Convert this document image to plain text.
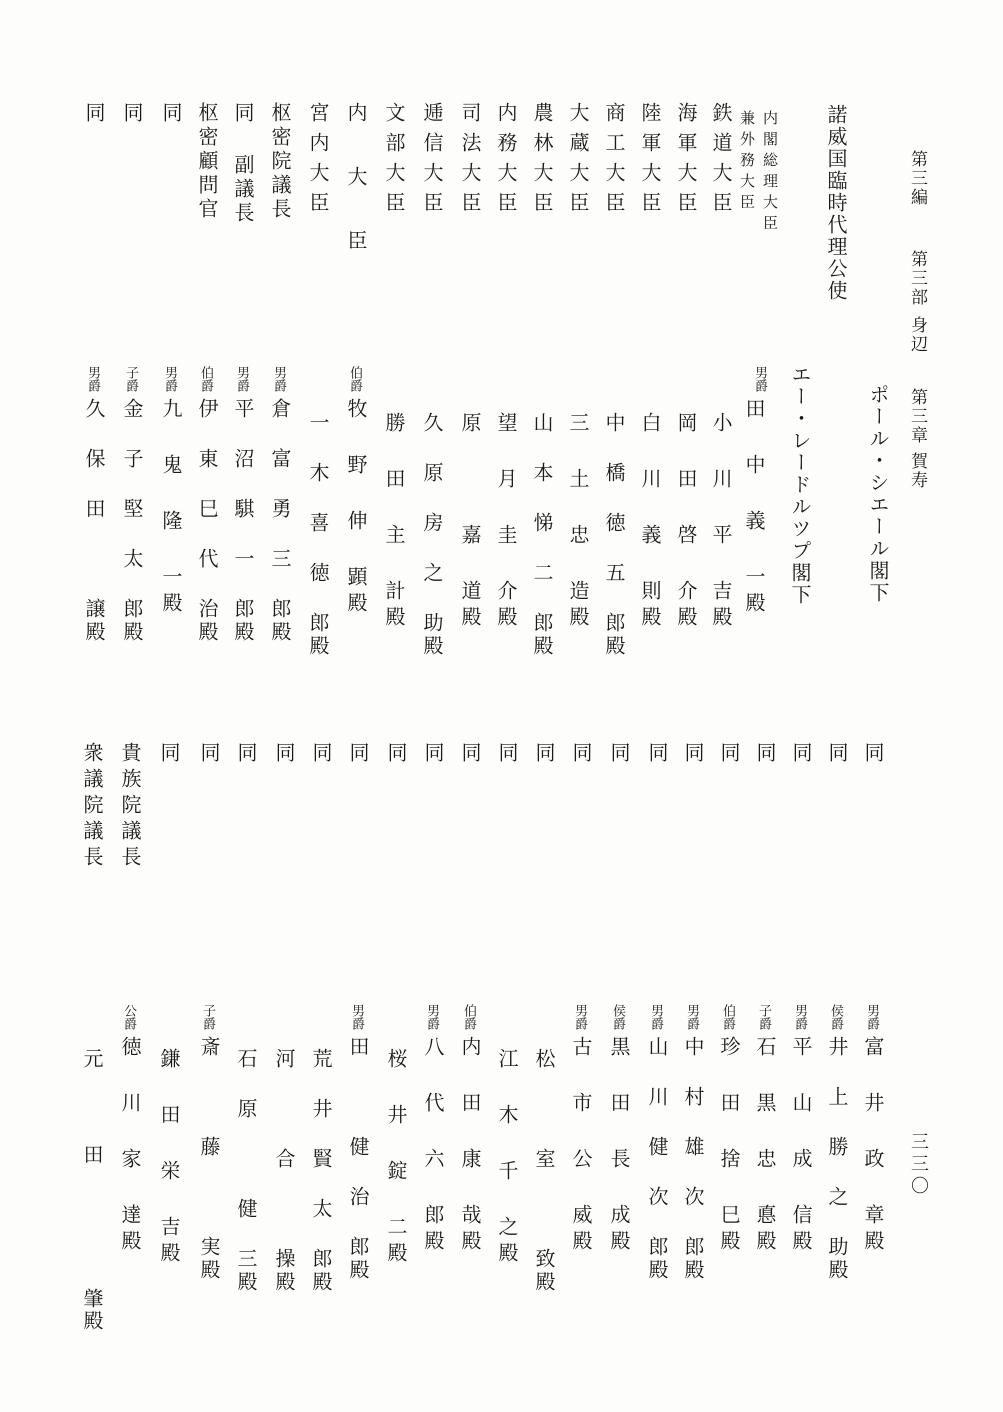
第三編
第三部
身辺
第三章
賀寿
諾威国臨時代理公使
ポール・シエール閣下
エー・レードルツプ閣下
内閣総理大臣
兼外務大臣
鉄道大臣
海軍大臣
陸軍大臣
商工大臣
大蔵大臣
農林大臣
内務大臣
司法大臣
逓信大臣
文部大臣
内 大 臣
宮内大臣
枢密院議長
同 副議長
枢密顧問官
同
同
同
男爵
伯爵
男爵
男爵
伯爵
男爵
子爵
男爵
田 中 義 一殿
小 川 平 吉殿
岡 田 啓 介殿
白 川 義 則殿
中 橋 徳 五 郎殿
三 土 忠 造殿
山 本 悌 二 郎殿
望 月 圭 介殿
原 　 嘉 道殿
久 原 房 之 助殿
勝 田 主 計殿
牧 野 伸 顕殿
一 木 喜 徳 郎殿
倉 富 勇 三 郎殿
平 沼 騏 一 郎殿
伊 東 巳 代 治殿
九 鬼 隆 一殿
金 子 堅 太 郎殿
久 保 田 　 譲殿
同
同
同
同
同
同
同
同
同
同
同
同
同
同
同
同
同
同
同
同
貴族院議長
衆議院議長
男爵
侯爵
男爵
子爵
伯爵
男爵
男爵
侯爵
男爵
伯爵
男爵
男爵
子爵
公爵
富 井 政 章殿
井 上 勝 之 助殿
平 山 成 信殿
石 黒 忠 悳殿
珍 田 捨 巳殿
中 村 雄 次 郎殿
山 川 健 次 郎殿
黒 田 長 成殿
古 市 公 威殿
松 　 室 　 致殿
江 木 千 之殿
内 田 康 哉殿
八 代 六 郎殿
桜 井 錠 二殿
田 　 健 治 郎殿
荒 井 賢 太 郎殿
河 　 合 　 操殿
石 原 　 健 三殿
斎 　 藤 　 実殿
鎌 田 栄 吉殿
徳 川 家 達殿
元 　 田 　 　 肇殿	三三〇
